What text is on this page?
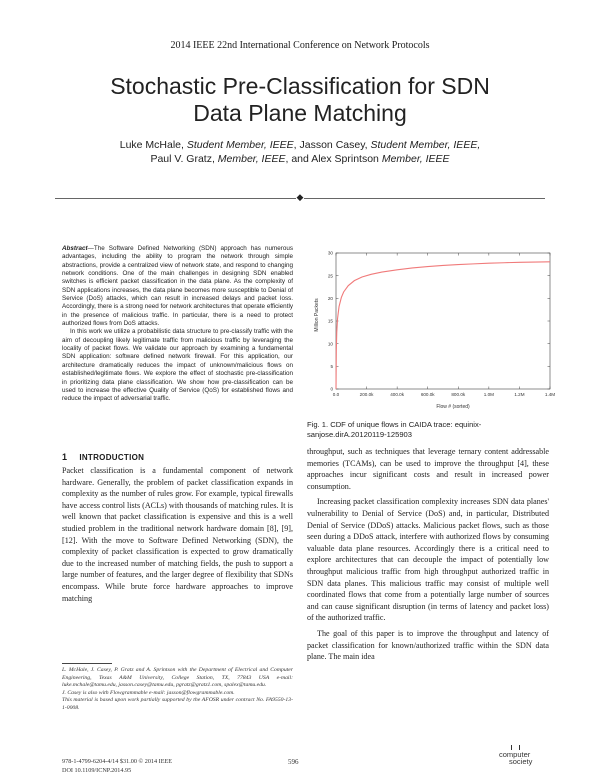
2014 IEEE 22nd International Conference on Network Protocols
Stochastic Pre-Classification for SDN
Data Plane Matching
Luke McHale, Student Member, IEEE, Jasson Casey, Student Member, IEEE,
Paul V. Gratz, Member, IEEE, and Alex Sprintson Member, IEEE
◆

Abstract—The Software Defined Networking (SDN) approach has numerous advantages, including the ability to program the network through simple abstractions, provide a centralized view of network state, and respond to changing network conditions. One of the main challenges in designing SDN enabled switches is efficient packet classification in the data plane. As the complexity of SDN applications increases, the data plane becomes more susceptible to Denial of Service (DoS) attacks, which can result in increased delays and packet loss. Accordingly, there is a strong need for network architectures that operate efficiently in the presence of malicious traffic. In particular, there is a need to protect authorized flows from DoS attacks.

In this work we utilize a probabilistic data structure to pre-classify traffic with the aim of decoupling likely legitimate traffic from malicious traffic by leveraging the locality of packet flows. We validate our approach by examining a fundamental SDN application: software defined network firewall. For this application, our architecture dramatically reduces the impact of unknown/malicious flows on established/legitimate flows. We explore the effect of stochastic pre-classification in prioritizing data plane classification. We show how pre-classification can be used to increase the effective Quality of Service (QoS) for established flows and reduce the impact of adversarial traffic.

0.0	200.0k	400.0k	600.0k	800.0k	1.0M	1.2M	1.4M
0
5
10
15
20
25
30
Million Packets
Flow # (sorted)
Fig. 1. CDF of unique flows in CAIDA trace: equinix-sanjose.dirA.20120119-125903
1 INTRODUCTION

Packet classification is a fundamental component of network hardware. Generally, the problem of packet classification expands in complexity as the number of rules grow. For example, typical firewalls have access control lists (ACLs) with thousands of matching rules. It is well known that packet classification is expensive and this is a well studied problem in the traditional network hardware domain [8], [9], [12]. With the move to Software Defined Networking (SDN), the complexity of packet classification is expected to grow dramatically due to the increased number of matching fields, the push to support a large number of features, and the larger degree of flexibility that SDNs encompass. While brute force hardware approaches to improve matching

throughput, such as techniques that leverage ternary content addressable memories (TCAMs), can be used to improve the throughput [4], these approaches incur significant costs and result in increased power consumption.

Increasing packet classification complexity increases SDN data planes' vulnerability to Denial of Service (DoS) and, in particular, Distributed Denial of Service (DDoS) attacks. Malicious packet flows, such as those seen during a DDoS attack, interfere with authorized flows by consuming valuable data plane resources. Accordingly there is a critical need to explore architectures that can decouple the impact of potentially low throughput malicious traffic from high throughput authorized traffic in SDN data planes. This malicious traffic may consist of multiple well coordinated flows that come from a potentially large number of sources and can cause significant disruption (in terms of latency and packet loss) of the authorized traffic.

The goal of this paper is to improve the throughput and latency of packet classification for known/authorized traffic within the SDN data plane. The main idea

L. McHale, J. Casey, P. Gratz and A. Sprintson with the Department of Electrical and Computer Engineering, Texas A&M University, College Station, TX, 77843 USA e-mail: luke.mchale@tamu.edu, jasson.casey@tamu.edu, pgratz@gratz1.com, spalex@tamu.edu.

J. Casey is also with Flowgrammable e-mail: jasson@flowgrammable.com.

This material is based upon work partially supported by the AFOSR under contract No. FA9550-13-1-0008.

978-1-4799-6204-4/14 $31.00 © 2014 IEEE
DOI 10.1109/ICNP.2014.95
596
computer
society
